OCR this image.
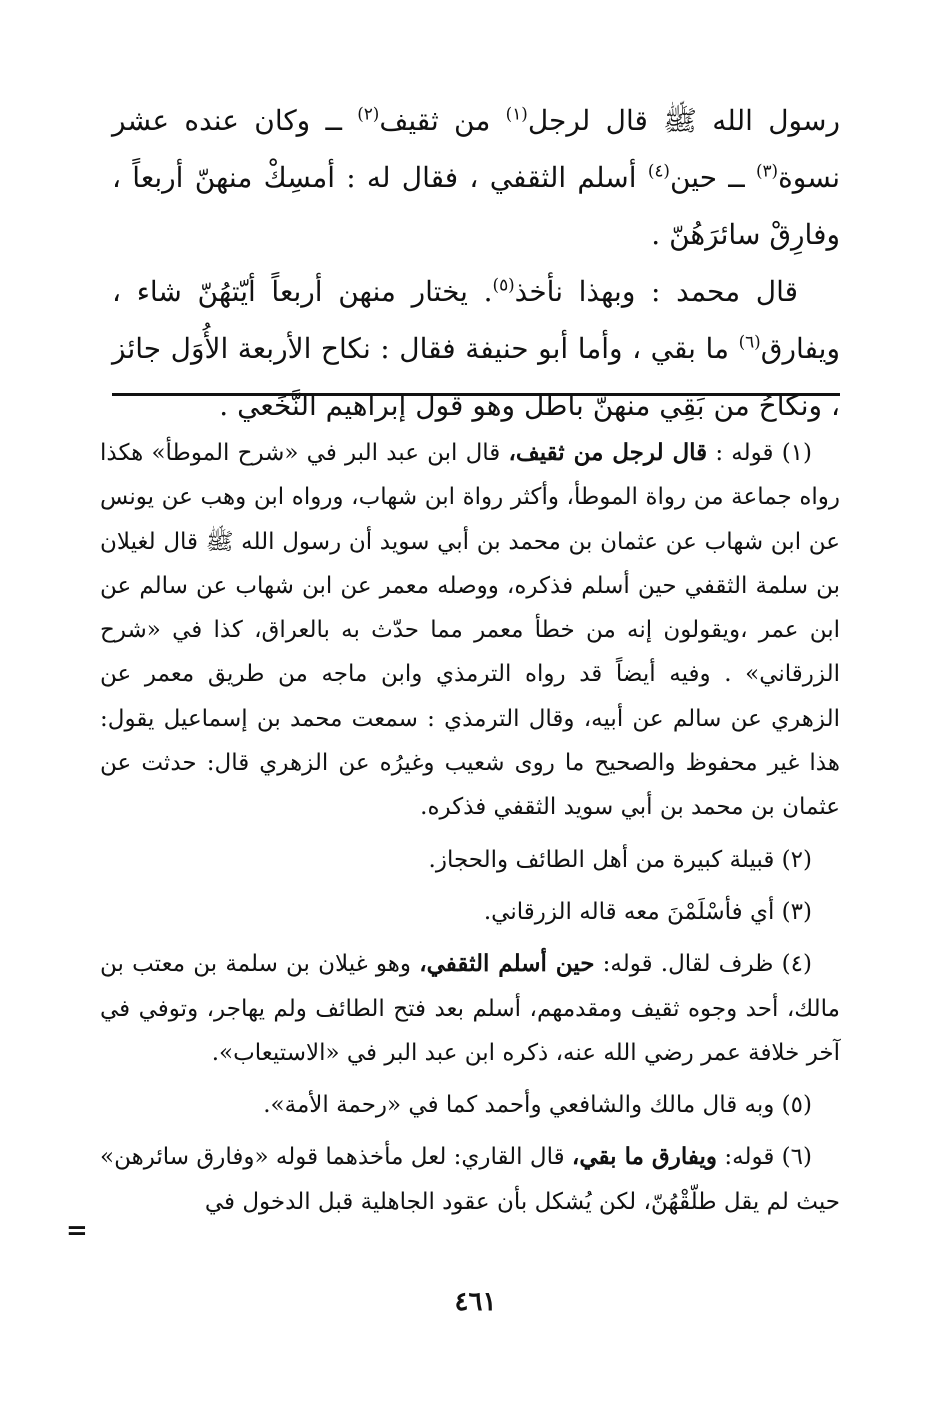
رسول الله ﷺ قال لرجل$^{(١)}$ من ثقيف$^{(٢)}$ ــ وكان عنده عشر نسوة$^{(٣)}$ ــ حين$^{(٤)}$ أسلم الثقفي ، فقال له : أمسِكْ منهنّ أربعاً ، وفارِقْ سائرَهُنّ .

قال محمد : وبهذا نأخذ$^{(٥)}$. يختار منهن أربعاً أيّتهُنّ شاء ، ويفارق$^{(٦)}$ ما بقي ، وأما أبو حنيفة فقال : نكاح الأربعة الأُوَل جائز ، ونكاحُ من بَقِي منهنّ باطل وهو قول إبراهيم النَّخَعي .

(١) قوله : قال لرجل من ثقيف، قال ابن عبد البر في «شرح الموطأ» هكذا رواه جماعة من رواة الموطأ، وأكثر رواة ابن شهاب، ورواه ابن وهب عن يونس عن ابن شهاب عن عثمان بن محمد بن أبي سويد أن رسول الله ﷺ قال لغيلان بن سلمة الثقفي حين أسلم فذكره، ووصله معمر عن ابن شهاب عن سالم عن ابن عمر ،ويقولون إنه من خطأ معمر مما حدّث به بالعراق، كذا في «شرح الزرقاني» . وفيه أيضاً قد رواه الترمذي وابن ماجه من طريق معمر عن الزهري عن سالم عن أبيه، وقال الترمذي : سمعت محمد بن إسماعيل يقول: هذا غير محفوظ والصحيح ما روى شعيب وغيرُه عن الزهري قال: حدثت عن عثمان بن محمد بن أبي سويد الثقفي فذكره.

(٢) قبيلة كبيرة من أهل الطائف والحجاز.

(٣) أي فأسْلَمْنَ معه قاله الزرقاني.

(٤) ظرف لقال. قوله: حين أسلم الثقفي، وهو غيلان بن سلمة بن معتب بن مالك، أحد وجوه ثقيف ومقدمهم، أسلم بعد فتح الطائف ولم يهاجر، وتوفي في آخر خلافة عمر رضي الله عنه، ذكره ابن عبد البر في «الاستيعاب».

(٥) وبه قال مالك والشافعي وأحمد كما في «رحمة الأمة».

(٦) قوله: ويفارق ما بقي، قال القاري: لعل مأخذهما قوله «وفارق سائرهن» حيث لم يقل طلّقْهُنّ، لكن يُشكل بأن عقود الجاهلية قبل الدخول في

=
٤٦١
